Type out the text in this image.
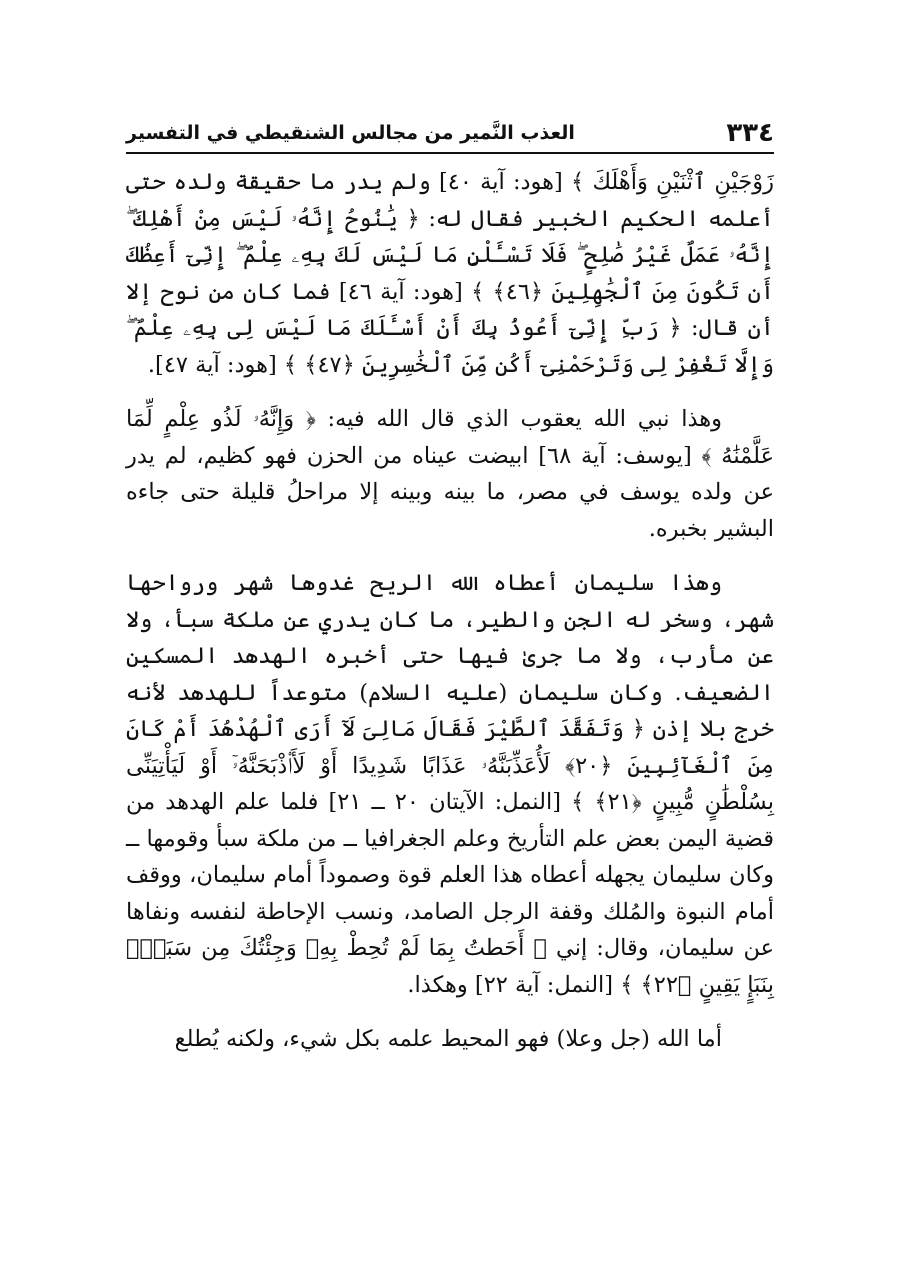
٣٣٤
العذب النَّمير من مجالس الشنقيطي في التفسير

زَوْجَيْنِ ٱثْنَيْنِ وَأَهْلَكَ ﴾ [هود: آية ٤٠] ولم يدر ما حقيقة ولده حتى أعلمه الحكيم الخبير فقال له: ﴿ يَٰنُوحُ إِنَّهُۥ لَيْسَ مِنْ أَهْلِكَ ۖ إِنَّهُۥ عَمَلٌ غَيْرُ صَٰلِحٍ ۖ فَلَا تَسْـَٔلْنِ مَا لَيْسَ لَكَ بِهِۦ عِلْمٌ ۖ إِنِّىٓ أَعِظُكَ أَن تَكُونَ مِنَ ٱلْجَٰهِلِينَ ﴿٤٦﴾ ﴾ [هود: آية ٤٦] فما كان من نوح إلا أن قال: ﴿ رَبِّ إِنِّىٓ أَعُوذُ بِكَ أَنْ أَسْـَٔلَكَ مَا لَيْسَ لِى بِهِۦ عِلْمٌ ۖ وَإِلَّا تَغْفِرْ لِى وَتَرْحَمْنِىٓ أَكُن مِّنَ ٱلْخَٰسِرِينَ ﴿٤٧﴾ ﴾ [هود: آية ٤٧].

وهذا نبي الله يعقوب الذي قال الله فيه: ﴿ وَإِنَّهُۥ لَذُو عِلْمٍ لِّمَا عَلَّمْنَٰهُ ﴾ [يوسف: آية ٦٨] ابيضت عيناه من الحزن فهو كظيم، لم يدر عن ولده يوسف في مصر، ما بينه وبينه إلا مراحلُ قليلة حتى جاءه البشير بخبره.

وهذا سليمان أعطاه الله الريح غدوها شهر ورواحها شهر، وسخر له الجن والطير، ما كان يدري عن ملكة سبأ، ولا عن مأرب، ولا ما جرىٰ فيها حتى أخبره الهدهد المسكين الضعيف. وكان سليمان (عليه السلام) متوعداً للهدهد لأنه خرج بلا إذن ﴿ وَتَفَقَّدَ ٱلطَّيْرَ فَقَالَ مَالِىَ لَآ أَرَى ٱلْهُدْهُدَ أَمْ كَانَ مِنَ ٱلْغَآئِبِينَ ﴿٢٠﴾ لَأُعَذِّبَنَّهُۥ عَذَابًا شَدِيدًا أَوْ لَأَا۟ذْبَحَنَّهُۥٓ أَوْ لَيَأْتِيَنِّى بِسُلْطَٰنٍ مُّبِينٍ ﴿٢١﴾ ﴾ [النمل: الآيتان ٢٠ ــ ٢١] فلما علم الهدهد من قضية اليمن بعض علم التأريخ وعلم الجغرافيا ــ من ملكة سبأ وقومها ــ وكان سليمان يجهله أعطاه هذا العلم قوة وصموداً أمام سليمان، ووقف أمام النبوة والمُلك وقفة الرجل الصامد، ونسب الإحاطة لنفسه ونفاها عن سليمان، وقال: إني ﴿ أَحَطتُ بِمَا لَمْ تُحِطْ بِهِۦ وَجِئْتُكَ مِن سَبَإٍۭ بِنَبَإٍ يَقِينٍ ﴿٢٢﴾ ﴾ [النمل: آية ٢٢] وهكذا.

أما الله (جل وعلا) فهو المحيط علمه بكل شيء، ولكنه يُطلع
